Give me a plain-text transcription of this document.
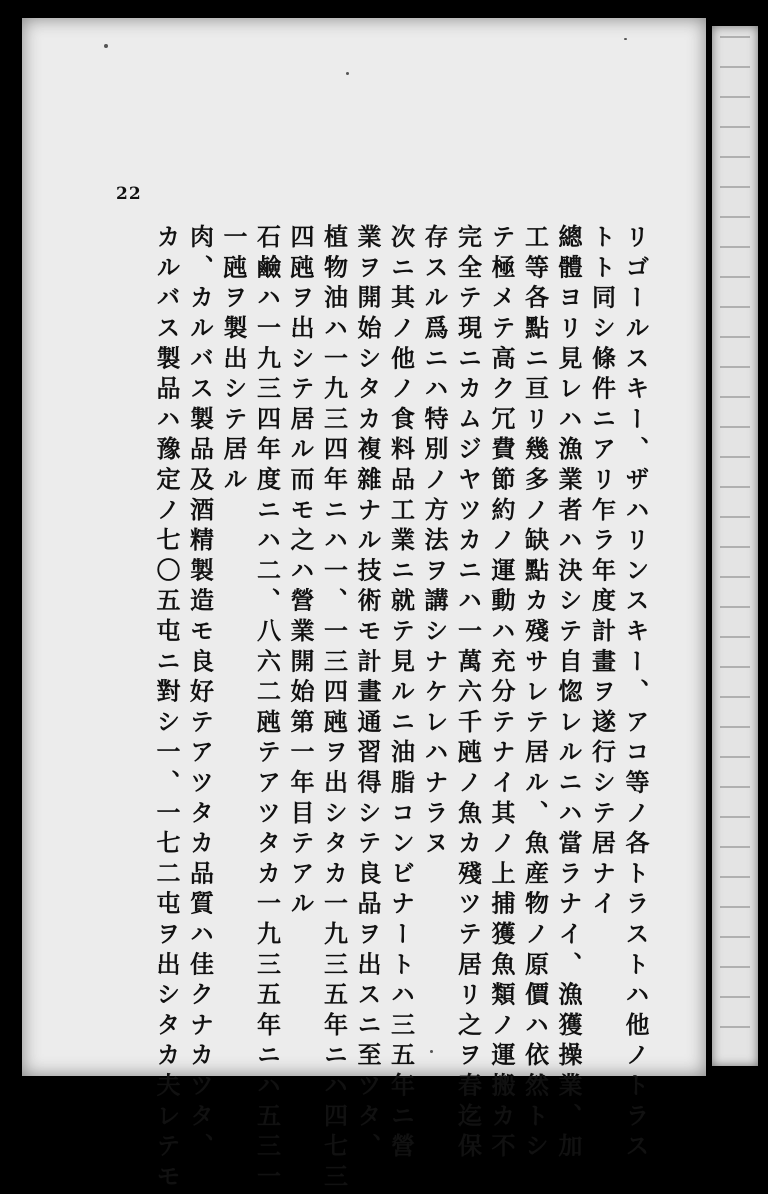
22
リゴールスキー、ザハリンスキー、アコ等ノ各トラストハ他ノトラス
トト同シ條件ニアリ乍ラ年度計畫ヲ遂行シテ居ナイ
總體ヨリ見レハ漁業者ハ決シテ自惚レルニハ當ラナイ、漁獲操業、加
工等各點ニ亘リ幾多ノ缺點カ殘サレテ居ル、魚産物ノ原價ハ依然トシ
テ極メテ高ク冗費節約ノ運動ハ充分テナイ其ノ上捕獲魚類ノ運搬カ不
完全テ現ニカムジヤツカニハ一萬六千瓲ノ魚カ殘ツテ居リ之ヲ春迄保
存スル爲ニハ特別ノ方法ヲ講シナケレハナラヌ
次ニ其ノ他ノ食料品工業ニ就テ見ルニ油脂コンビナートハ三五年ニ營
業ヲ開始シタカ複雜ナル技術モ計畫通習得シテ良品ヲ出スニ至ツタ、
植物油ハ一九三四年ニハ一、一三四瓲ヲ出シタカ一九三五年ニハ四七三
四瓲ヲ出シテ居ル而モ之ハ營業開始第一年目テアル
石鹼ハ一九三四年度ニハ二、八六二瓲テアツタカ一九三五年ニハ五三一
一瓲ヲ製出シテ居ル
肉、カルバス製品及酒精製造モ良好テアツタカ品質ハ佳クナカツタ、
カルバス製品ハ豫定ノ七〇五屯ニ對シ一、一七二屯ヲ出シタカ夫レテモ
